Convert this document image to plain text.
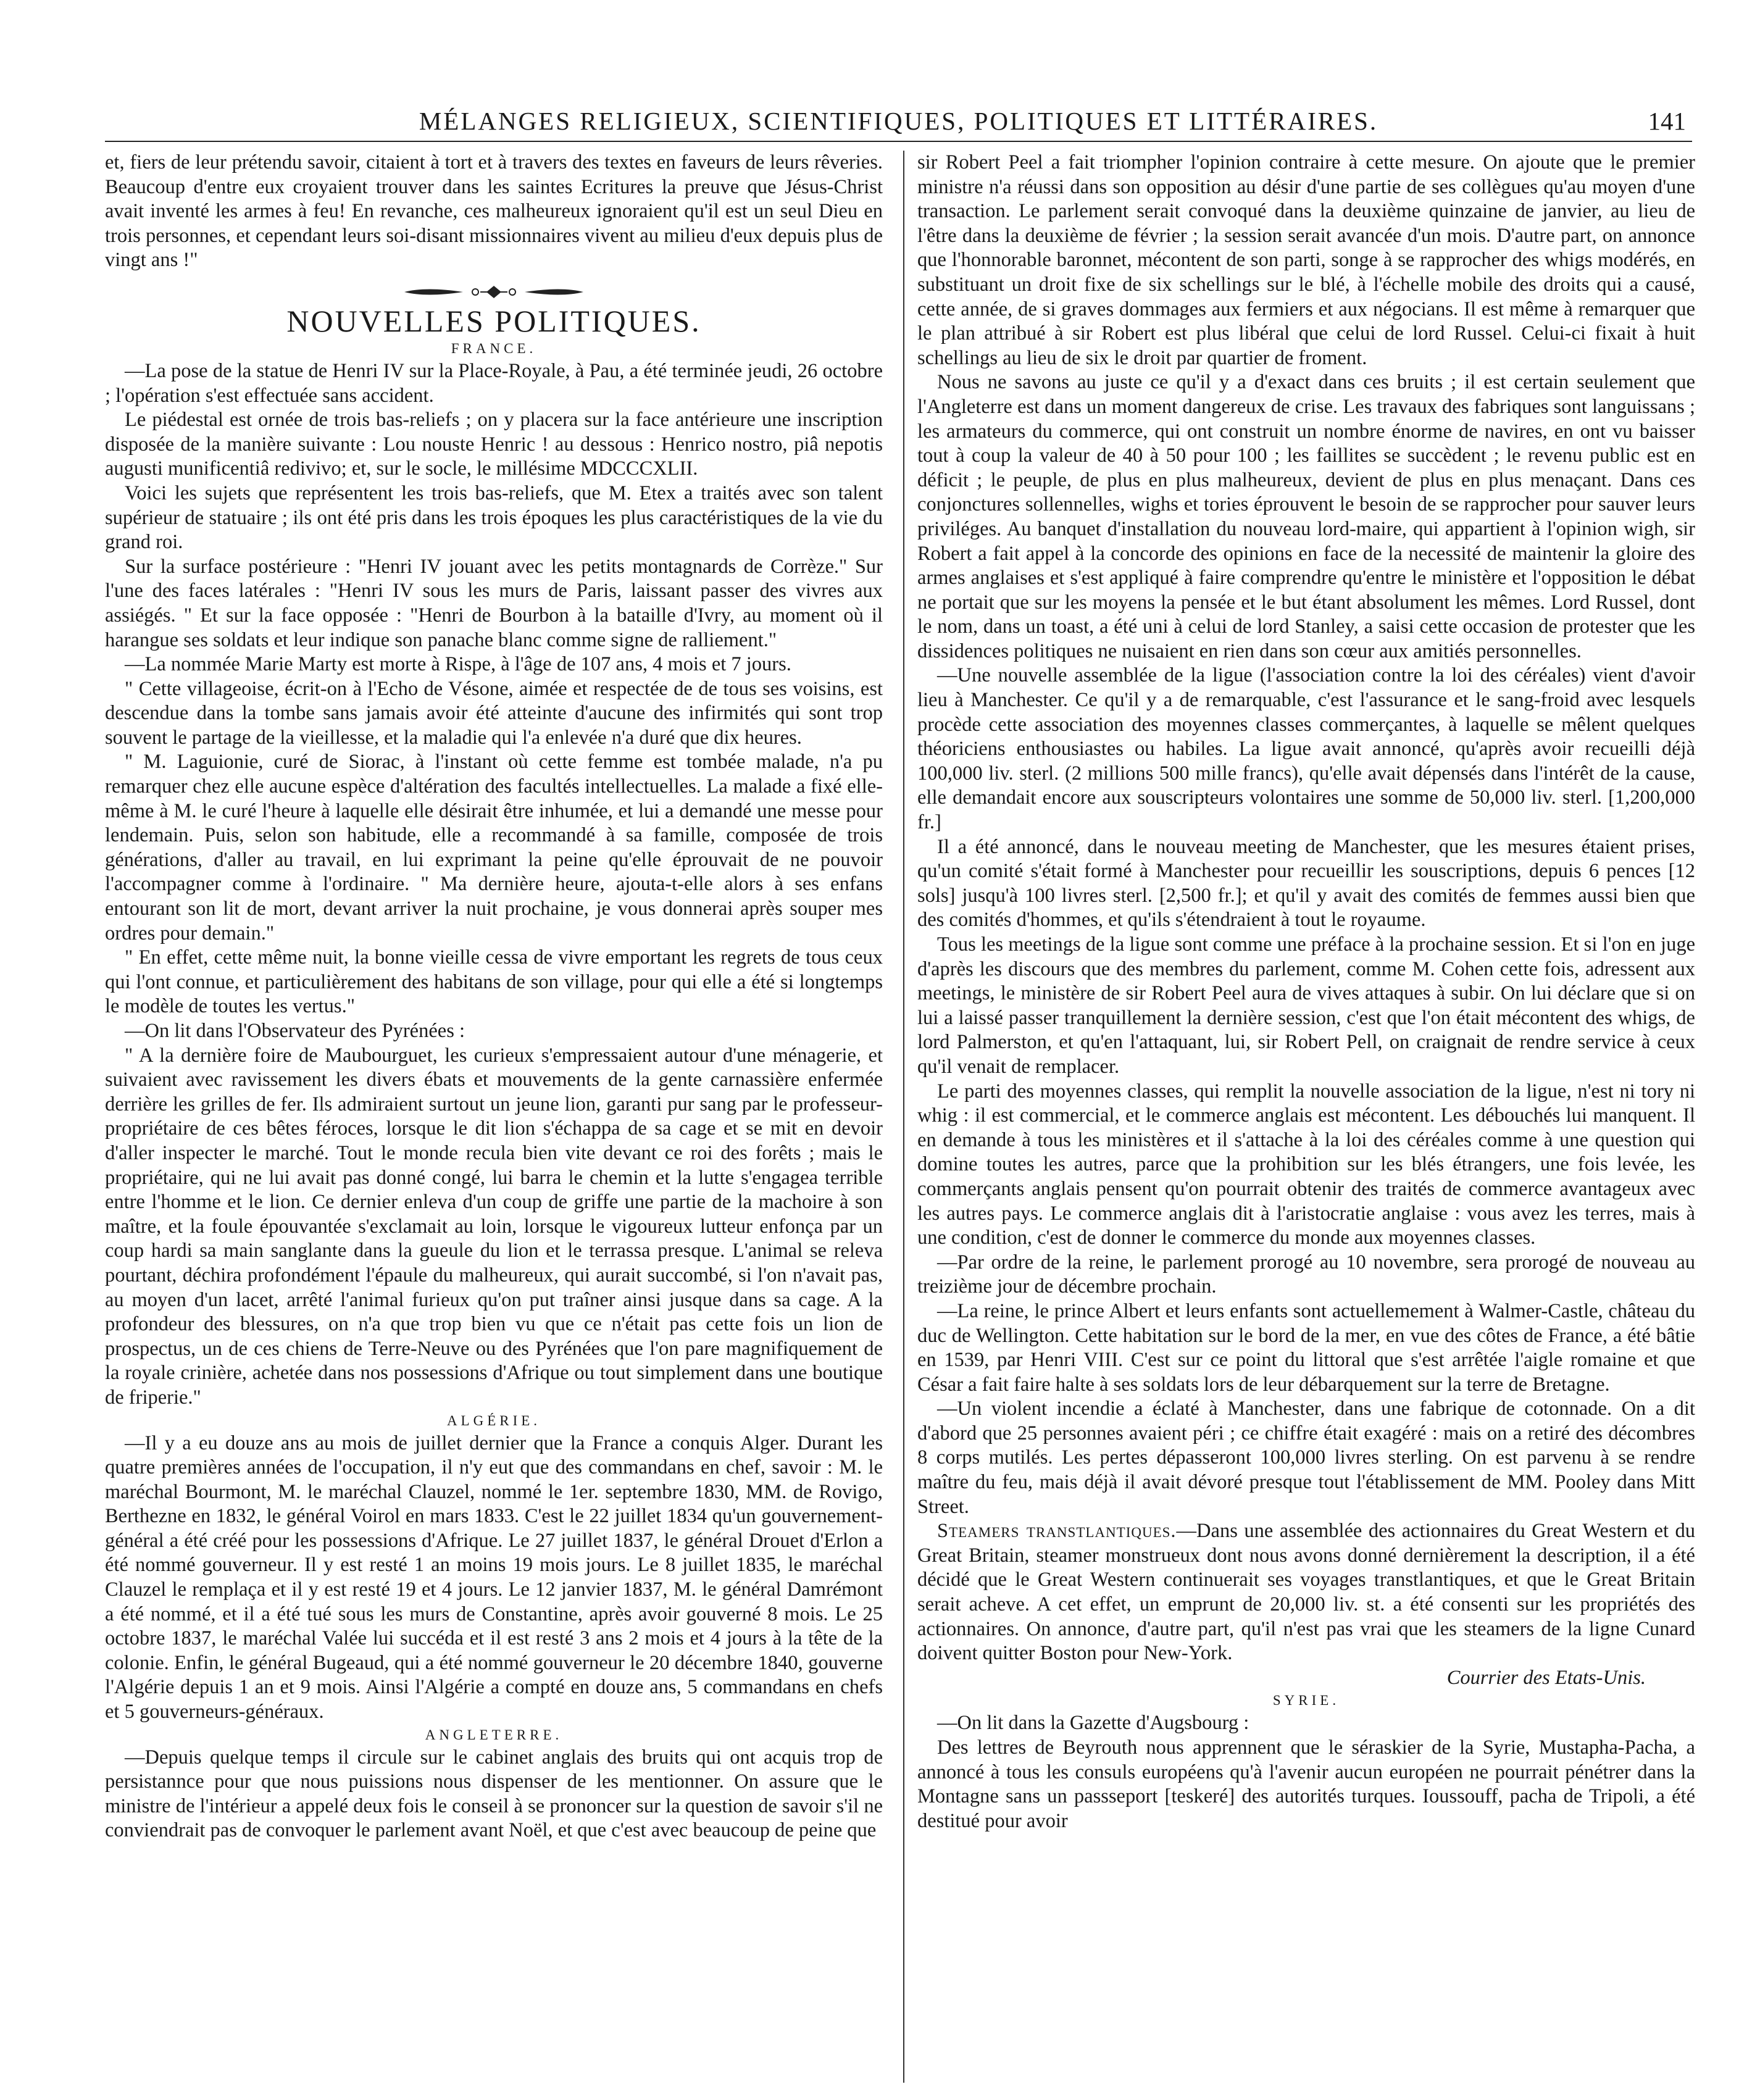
MÉLANGES RELIGIEUX, SCIENTIFIQUES, POLITIQUES ET LITTÉRAIRES.	141

et, fiers de leur prétendu savoir, citaient à tort et à travers des textes en faveurs de leurs rêveries. Beaucoup d'entre eux croyaient trouver dans les saintes Ecritures la preuve que Jésus-Christ avait inventé les armes à feu! En revanche, ces malheureux ignoraient qu'il est un seul Dieu en trois personnes, et cependant leurs soi-disant missionnaires vivent au milieu d'eux depuis plus de vingt ans !"

NOUVELLES POLITIQUES.
FRANCE.

—La pose de la statue de Henri IV sur la Place-Royale, à Pau, a été terminée jeudi, 26 octobre ; l'opération s'est effectuée sans accident.

Le piédestal est ornée de trois bas-reliefs ; on y placera sur la face antérieure une inscription disposée de la manière suivante : Lou nouste Henric ! au dessous : Henrico nostro, piâ nepotis augusti munificentiâ redivivo; et, sur le socle, le millésime MDCCCXLII.

Voici les sujets que représentent les trois bas-reliefs, que M. Etex a traités avec son talent supérieur de statuaire ; ils ont été pris dans les trois époques les plus caractéristiques de la vie du grand roi.

Sur la surface postérieure : "Henri IV jouant avec les petits montagnards de Corrèze." Sur l'une des faces latérales : "Henri IV sous les murs de Paris, laissant passer des vivres aux assiégés. " Et sur la face opposée : "Henri de Bourbon à la bataille d'Ivry, au moment où il harangue ses soldats et leur indique son panache blanc comme signe de ralliement."

—La nommée Marie Marty est morte à Rispe, à l'âge de 107 ans, 4 mois et 7 jours.

" Cette villageoise, écrit-on à l'Echo de Vésone, aimée et respectée de de tous ses voisins, est descendue dans la tombe sans jamais avoir été atteinte d'aucune des infirmités qui sont trop souvent le partage de la vieillesse, et la maladie qui l'a enlevée n'a duré que dix heures.

" M. Laguionie, curé de Siorac, à l'instant où cette femme est tombée malade, n'a pu remarquer chez elle aucune espèce d'altération des facultés intellectuelles. La malade a fixé elle-même à M. le curé l'heure à laquelle elle désirait être inhumée, et lui a demandé une messe pour lendemain. Puis, selon son habitude, elle a recommandé à sa famille, composée de trois générations, d'aller au travail, en lui exprimant la peine qu'elle éprouvait de ne pouvoir l'accompagner comme à l'ordinaire. " Ma dernière heure, ajouta-t-elle alors à ses enfans entourant son lit de mort, devant arriver la nuit prochaine, je vous donnerai après souper mes ordres pour demain."

" En effet, cette même nuit, la bonne vieille cessa de vivre emportant les regrets de tous ceux qui l'ont connue, et particulièrement des habitans de son village, pour qui elle a été si longtemps le modèle de toutes les vertus."

—On lit dans l'Observateur des Pyrénées :

" A la dernière foire de Maubourguet, les curieux s'empressaient autour d'une ménagerie, et suivaient avec ravissement les divers ébats et mouvements de la gente carnassière enfermée derrière les grilles de fer. Ils admiraient surtout un jeune lion, garanti pur sang par le professeur-propriétaire de ces bêtes féroces, lorsque le dit lion s'échappa de sa cage et se mit en devoir d'aller inspecter le marché. Tout le monde recula bien vite devant ce roi des forêts ; mais le propriétaire, qui ne lui avait pas donné congé, lui barra le chemin et la lutte s'engagea terrible entre l'homme et le lion. Ce dernier enleva d'un coup de griffe une partie de la machoire à son maître, et la foule épouvantée s'exclamait au loin, lorsque le vigoureux lutteur enfonça par un coup hardi sa main sanglante dans la gueule du lion et le terrassa presque. L'animal se releva pourtant, déchira profondément l'épaule du malheureux, qui aurait succombé, si l'on n'avait pas, au moyen d'un lacet, arrêté l'animal furieux qu'on put traîner ainsi jusque dans sa cage. A la profondeur des blessures, on n'a que trop bien vu que ce n'était pas cette fois un lion de prospectus, un de ces chiens de Terre-Neuve ou des Pyrénées que l'on pare magnifiquement de la royale crinière, achetée dans nos possessions d'Afrique ou tout simplement dans une boutique de friperie."

ALGÉRIE.

—Il y a eu douze ans au mois de juillet dernier que la France a conquis Alger. Durant les quatre premières années de l'occupation, il n'y eut que des commandans en chef, savoir : M. le maréchal Bourmont, M. le maréchal Clauzel, nommé le 1er. septembre 1830, MM. de Rovigo, Berthezne en 1832, le général Voirol en mars 1833. C'est le 22 juillet 1834 qu'un gouvernement-général a été créé pour les possessions d'Afrique. Le 27 juillet 1837, le général Drouet d'Erlon a été nommé gouverneur. Il y est resté 1 an moins 19 mois jours. Le 8 juillet 1835, le maréchal Clauzel le remplaça et il y est resté 19 et 4 jours. Le 12 janvier 1837, M. le général Damrémont a été nommé, et il a été tué sous les murs de Constantine, après avoir gouverné 8 mois. Le 25 octobre 1837, le maréchal Valée lui succéda et il est resté 3 ans 2 mois et 4 jours à la tête de la colonie. Enfin, le général Bugeaud, qui a été nommé gouverneur le 20 décembre 1840, gouverne l'Algérie depuis 1 an et 9 mois. Ainsi l'Algérie a compté en douze ans, 5 commandans en chefs et 5 gouverneurs-généraux.

ANGLETERRE.

—Depuis quelque temps il circule sur le cabinet anglais des bruits qui ont acquis trop de persistannce pour que nous puissions nous dispenser de les mentionner. On assure que le ministre de l'intérieur a appelé deux fois le conseil à se prononcer sur la question de savoir s'il ne conviendrait pas de convoquer le parlement avant Noël, et que c'est avec beaucoup de peine que

sir Robert Peel a fait triompher l'opinion contraire à cette mesure. On ajoute que le premier ministre n'a réussi dans son opposition au désir d'une partie de ses collègues qu'au moyen d'une transaction. Le parlement serait convoqué dans la deuxième quinzaine de janvier, au lieu de l'être dans la deuxième de février ; la session serait avancée d'un mois. D'autre part, on annonce que l'honnorable baronnet, mécontent de son parti, songe à se rapprocher des whigs modérés, en substituant un droit fixe de six schellings sur le blé, à l'échelle mobile des droits qui a causé, cette année, de si graves dommages aux fermiers et aux négocians. Il est même à remarquer que le plan attribué à sir Robert est plus libéral que celui de lord Russel. Celui-ci fixait à huit schellings au lieu de six le droit par quartier de froment.

Nous ne savons au juste ce qu'il y a d'exact dans ces bruits ; il est certain seulement que l'Angleterre est dans un moment dangereux de crise. Les travaux des fabriques sont languissans ; les armateurs du commerce, qui ont construit un nombre énorme de navires, en ont vu baisser tout à coup la valeur de 40 à 50 pour 100 ; les faillites se succèdent ; le revenu public est en déficit ; le peuple, de plus en plus malheureux, devient de plus en plus menaçant. Dans ces conjonctures sollennelles, wighs et tories éprouvent le besoin de se rapprocher pour sauver leurs priviléges. Au banquet d'installation du nouveau lord-maire, qui appartient à l'opinion wigh, sir Robert a fait appel à la concorde des opinions en face de la necessité de maintenir la gloire des armes anglaises et s'est appliqué à faire comprendre qu'entre le ministère et l'opposition le débat ne portait que sur les moyens la pensée et le but étant absolument les mêmes. Lord Russel, dont le nom, dans un toast, a été uni à celui de lord Stanley, a saisi cette occasion de protester que les dissidences politiques ne nuisaient en rien dans son cœur aux amitiés personnelles.

—Une nouvelle assemblée de la ligue (l'association contre la loi des céréales) vient d'avoir lieu à Manchester. Ce qu'il y a de remarquable, c'est l'assurance et le sang-froid avec lesquels procède cette association des moyennes classes commerçantes, à laquelle se mêlent quelques théoriciens enthousiastes ou habiles. La ligue avait annoncé, qu'après avoir recueilli déjà 100,000 liv. sterl. (2 millions 500 mille francs), qu'elle avait dépensés dans l'intérêt de la cause, elle demandait encore aux souscripteurs volontaires une somme de 50,000 liv. sterl. [1,200,000 fr.]

Il a été annoncé, dans le nouveau meeting de Manchester, que les mesures étaient prises, qu'un comité s'était formé à Manchester pour recueillir les souscriptions, depuis 6 pences [12 sols] jusqu'à 100 livres sterl. [2,500 fr.]; et qu'il y avait des comités de femmes aussi bien que des comités d'hommes, et qu'ils s'étendraient à tout le royaume.

Tous les meetings de la ligue sont comme une préface à la prochaine session. Et si l'on en juge d'après les discours que des membres du parlement, comme M. Cohen cette fois, adressent aux meetings, le ministère de sir Robert Peel aura de vives attaques à subir. On lui déclare que si on lui a laissé passer tranquillement la dernière session, c'est que l'on était mécontent des whigs, de lord Palmerston, et qu'en l'attaquant, lui, sir Robert Pell, on craignait de rendre service à ceux qu'il venait de remplacer.

Le parti des moyennes classes, qui remplit la nouvelle association de la ligue, n'est ni tory ni whig : il est commercial, et le commerce anglais est mécontent. Les débouchés lui manquent. Il en demande à tous les ministères et il s'attache à la loi des céréales comme à une question qui domine toutes les autres, parce que la prohibition sur les blés étrangers, une fois levée, les commerçants anglais pensent qu'on pourrait obtenir des traités de commerce avantageux avec les autres pays. Le commerce anglais dit à l'aristocratie anglaise : vous avez les terres, mais à une condition, c'est de donner le commerce du monde aux moyennes classes.

—Par ordre de la reine, le parlement prorogé au 10 novembre, sera prorogé de nouveau au treizième jour de décembre prochain.

—La reine, le prince Albert et leurs enfants sont actuellemement à Walmer-Castle, château du duc de Wellington. Cette habitation sur le bord de la mer, en vue des côtes de France, a été bâtie en 1539, par Henri VIII. C'est sur ce point du littoral que s'est arrêtée l'aigle romaine et que César a fait faire halte à ses soldats lors de leur débarquement sur la terre de Bretagne.

—Un violent incendie a éclaté à Manchester, dans une fabrique de cotonnade. On a dit d'abord que 25 personnes avaient péri ; ce chiffre était exagéré : mais on a retiré des décombres 8 corps mutilés. Les pertes dépasseront 100,000 livres sterling. On est parvenu à se rendre maître du feu, mais déjà il avait dévoré presque tout l'établissement de MM. Pooley dans Mitt Street.

Steamers transtlantiques.—Dans une assemblée des actionnaires du Great Western et du Great Britain, steamer monstrueux dont nous avons donné dernièrement la description, il a été décidé que le Great Western continuerait ses voyages transtlantiques, et que le Great Britain serait acheve. A cet effet, un emprunt de 20,000 liv. st. a été consenti sur les propriétés des actionnaires. On annonce, d'autre part, qu'il n'est pas vrai que les steamers de la ligne Cunard doivent quitter Boston pour New-York.

Courrier des Etats-Unis.

SYRIE.

—On lit dans la Gazette d'Augsbourg :

Des lettres de Beyrouth nous apprennent que le séraskier de la Syrie, Mustapha-Pacha, a annoncé à tous les consuls européens qu'à l'avenir aucun européen ne pourrait pénétrer dans la Montagne sans un passseport [teskeré] des autorités turques. Ioussouff, pacha de Tripoli, a été destitué pour avoir
